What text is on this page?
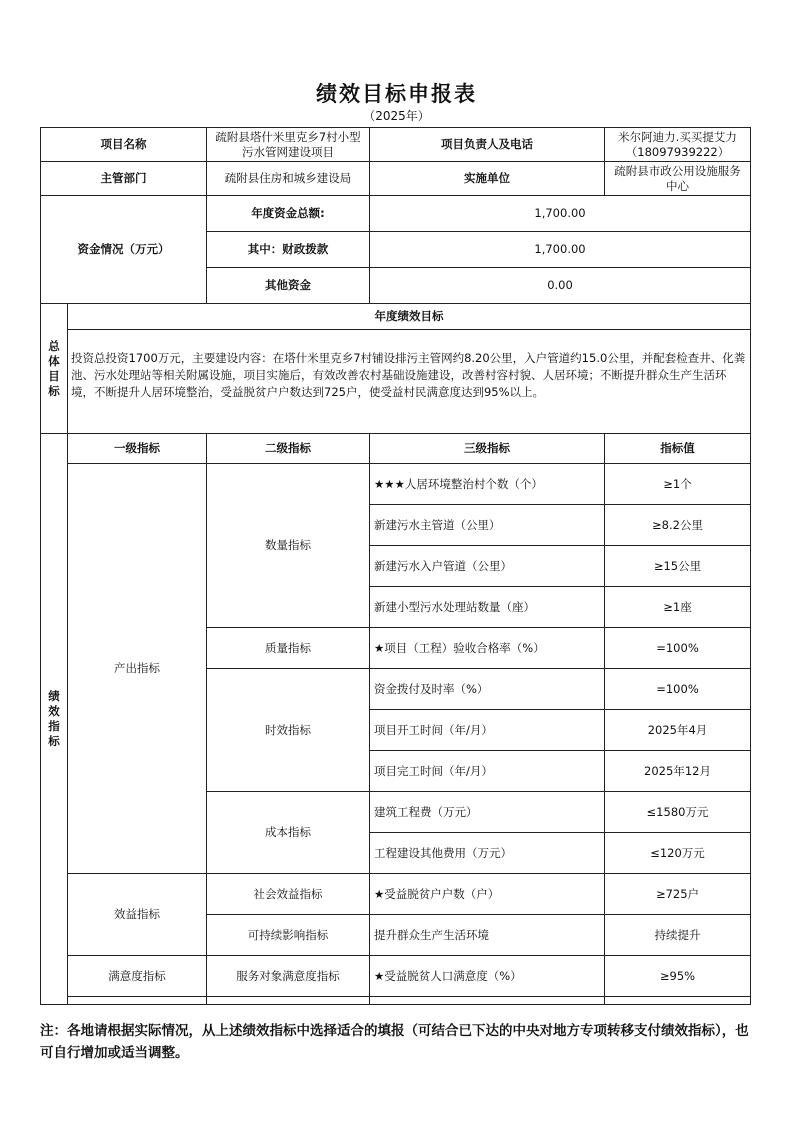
绩效目标申报表
（2025年）
项目名称		疏附县塔什米里克乡7村小型污水管网建设项目	项目负责人及电话	米尔阿迪力.买买提艾力（18097939222）
主管部门		疏附县住房和城乡建设局	实施单位	疏附县市政公用设施服务中心
资金情况（万元）		年度资金总额:	1,700.00	
		其中：财政拨款	1,700.00	
		其他资金	0.00	
总体目标	年度绩效目标			
	投资总投资1700万元，主要建设内容：在塔什米里克乡7村铺设排污主管网约8.20公里，入户管道约15.0公里，并配套检查井、化粪池、污水处理站等相关附属设施，项目实施后，有效改善农村基础设施建设，改善村容村貌、人居环境；不断提升群众生产生活环境，不断提升人居环境整治，受益脱贫户户数达到725户，使受益村民满意度达到95%以上。			
绩效指标	一级指标	二级指标	三级指标	指标值
	产出指标	数量指标	★★★人居环境整治村个数（个）	≥1个
			新建污水主管道（公里）	≥8.2公里
			新建污水入户管道（公里）	≥15公里
			新建小型污水处理站数量（座）	≥1座
		质量指标	★项目（工程）验收合格率（%）	=100%
		时效指标	资金拨付及时率（%）	=100%
			项目开工时间（年/月）	2025年4月
			项目完工时间（年/月）	2025年12月
		成本指标	建筑工程费（万元）	≤1580万元
			工程建设其他费用（万元）	≤120万元
	效益指标	社会效益指标	★受益脱贫户户数（户）	≥725户
		可持续影响指标	提升群众生产生活环境	持续提升
	满意度指标	服务对象满意度指标	★受益脱贫人口满意度（%）	≥95%

注：各地请根据实际情况，从上述绩效指标中选择适合的填报（可结合已下达的中央对地方专项转移支付绩效指标），也可自行增加或适当调整。
